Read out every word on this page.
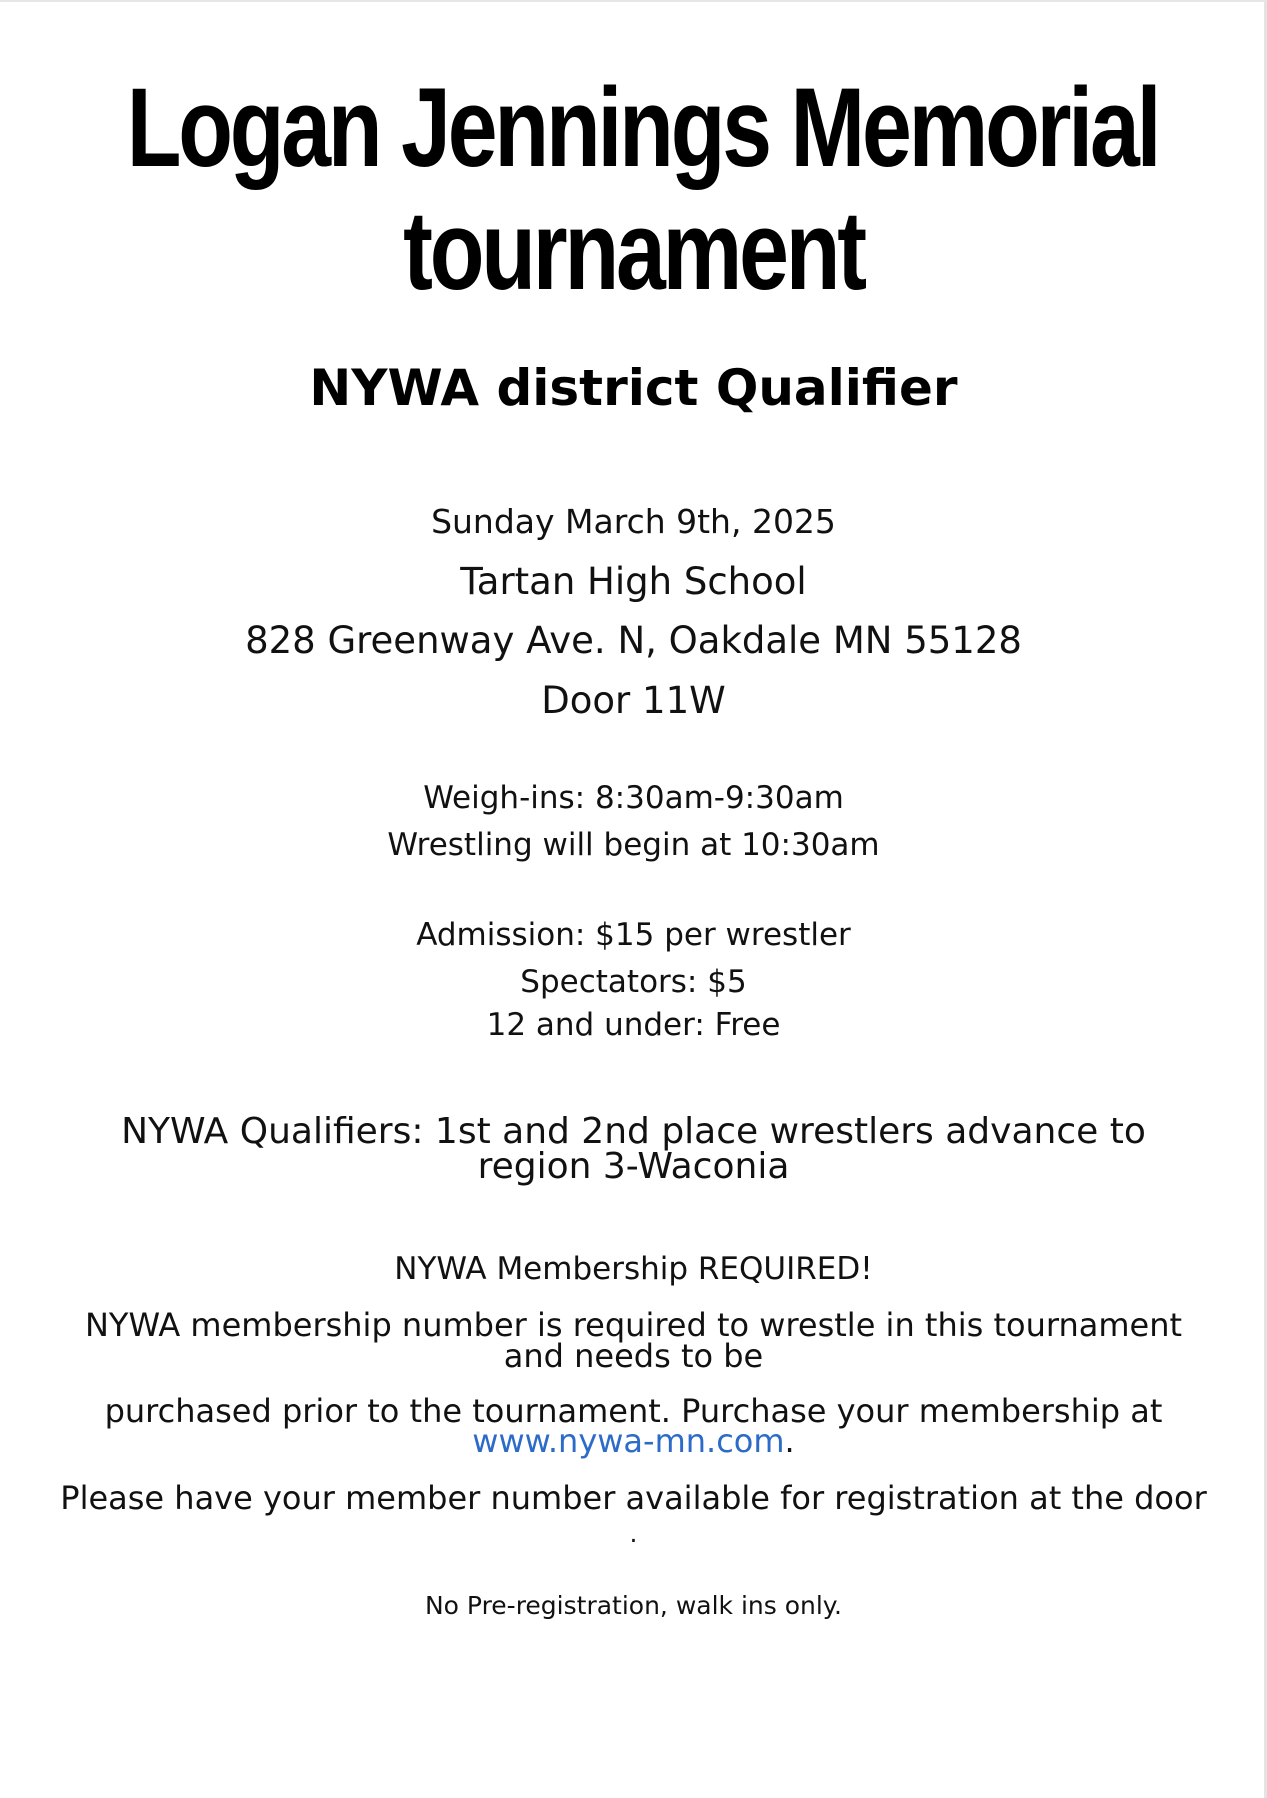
Logan Jennings Memorial
tournament
NYWA district Qualifier
Sunday March 9th, 2025
Tartan High School
828 Greenway Ave. N, Oakdale MN 55128
Door 11W
Weigh-ins: 8:30am-9:30am
Wrestling will begin at 10:30am
Admission: $15 per wrestler
Spectators: $5
12 and under: Free
NYWA Qualifiers: 1st and 2nd place wrestlers advance to
region 3-Waconia
NYWA Membership REQUIRED!
NYWA membership number is required to wrestle in this tournament
and needs to be
purchased prior to the tournament. Purchase your membership at
www.nywa-mn.com.
Please have your member number available for registration at the door
.
No Pre-registration, walk ins only.
